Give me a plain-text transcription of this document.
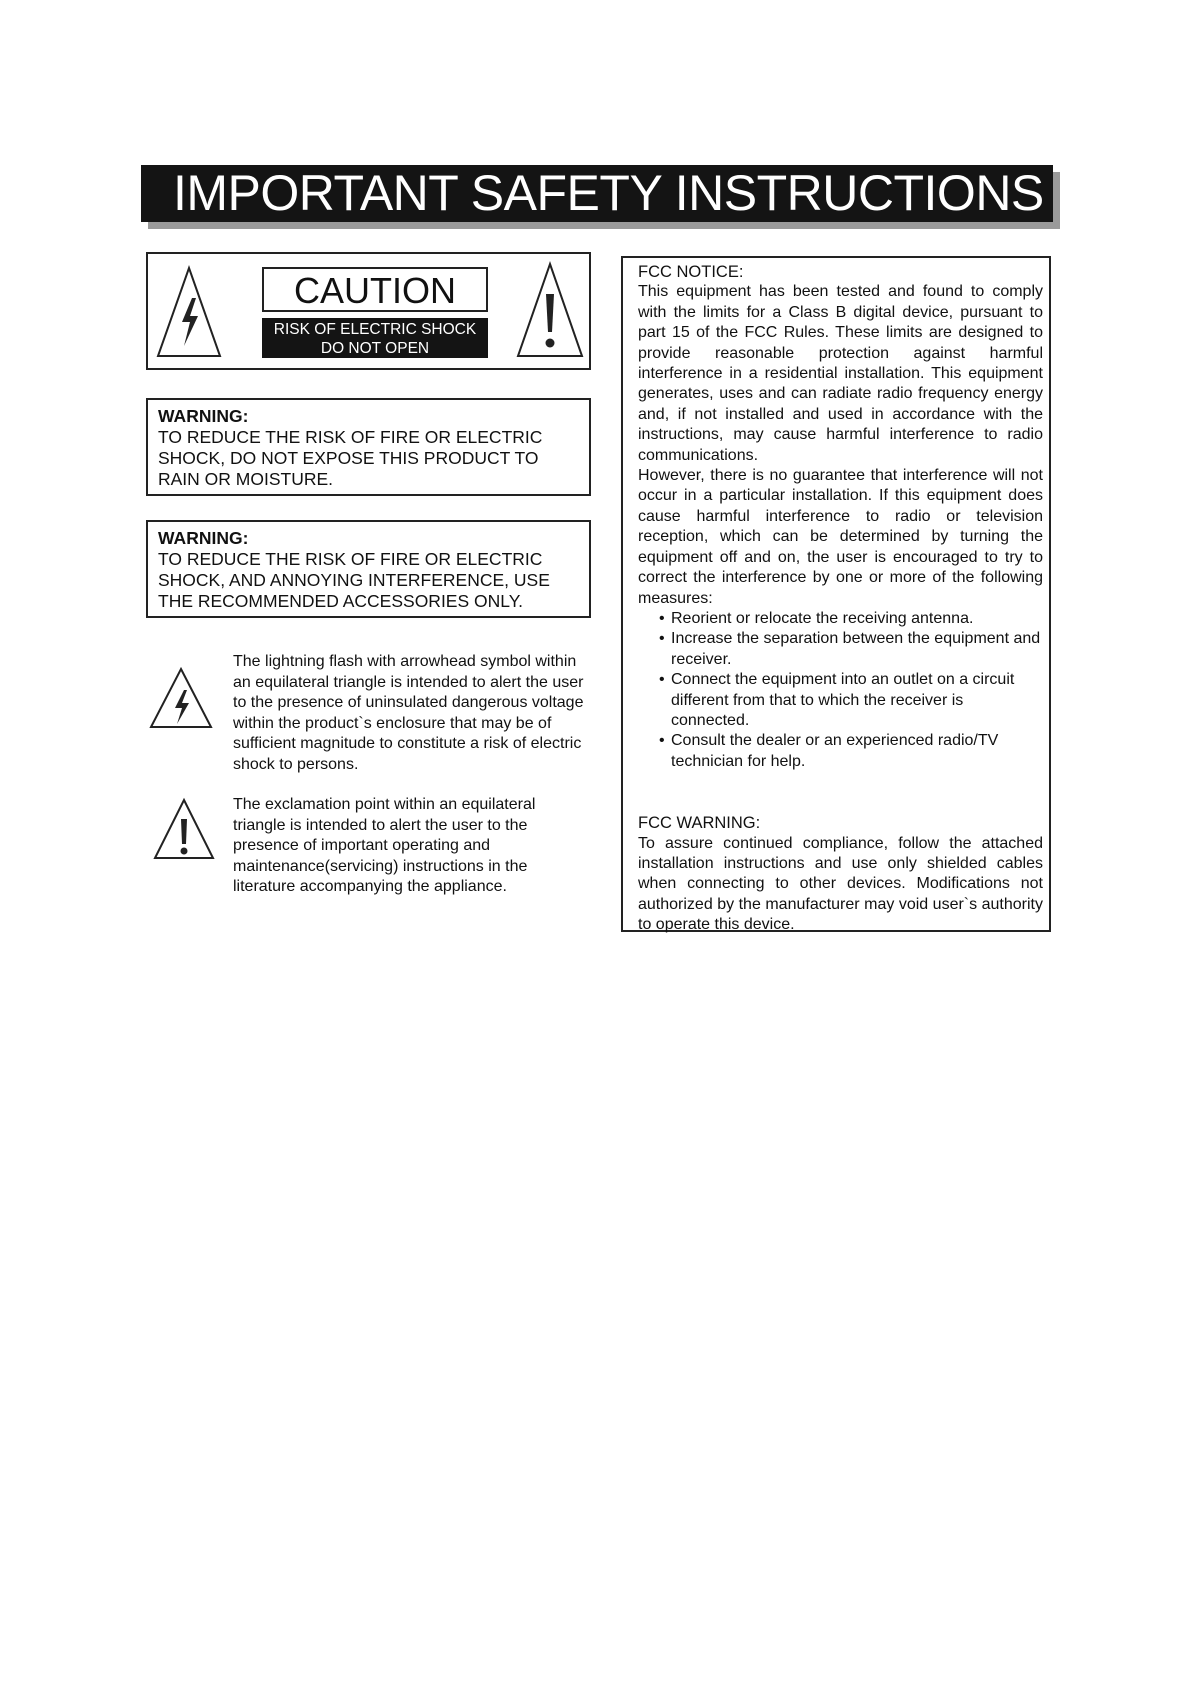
IMPORTANT SAFETY INSTRUCTIONS
CAUTION
RISK OF ELECTRIC SHOCK
DO NOT OPEN
WARNING:
TO REDUCE THE RISK OF FIRE OR ELECTRIC SHOCK, DO NOT EXPOSE THIS PRODUCT TO RAIN OR MOISTURE.
WARNING:
TO REDUCE THE RISK OF FIRE OR ELECTRIC SHOCK, AND ANNOYING INTERFERENCE, USE THE RECOMMENDED ACCESSORIES ONLY.
The lightning flash with arrowhead symbol within an equilateral triangle is intended to alert the user to the presence of uninsulated dangerous voltage within the product`s enclosure that may be of sufficient magnitude to constitute a risk of electric shock to persons.
The exclamation point within an equilateral triangle is intended to alert the user to the presence of important operating and maintenance(servicing) instructions in the literature accompanying the appliance.

FCC NOTICE:

This equipment has been tested and found to comply with the limits for a Class B digital device, pursuant to part 15 of the FCC Rules. These limits are designed to provide reasonable protection against harmful interference in a residential installation. This equipment generates, uses and can radiate radio frequency energy and, if not installed and used in accordance with the instructions, may cause harmful interference to radio communications.

However, there is no guarantee that interference will not occur in a particular installation. If this equipment does cause harmful interference to radio or television reception, which can be determined by turning the equipment off and on, the user is encouraged to try to correct the interference by one or more of the following measures:

• Reorient or relocate the receiving antenna.
• Increase the separation between the equipment and receiver.
• Connect the equipment into an outlet on a circuit different from that to which the receiver is connected.
• Consult the dealer or an experienced radio/TV technician for help.

FCC WARNING:

To assure continued compliance, follow the attached installation instructions and use only shielded cables when connecting to other devices. Modifications not authorized by the manufacturer may void user`s authority to operate this device.
